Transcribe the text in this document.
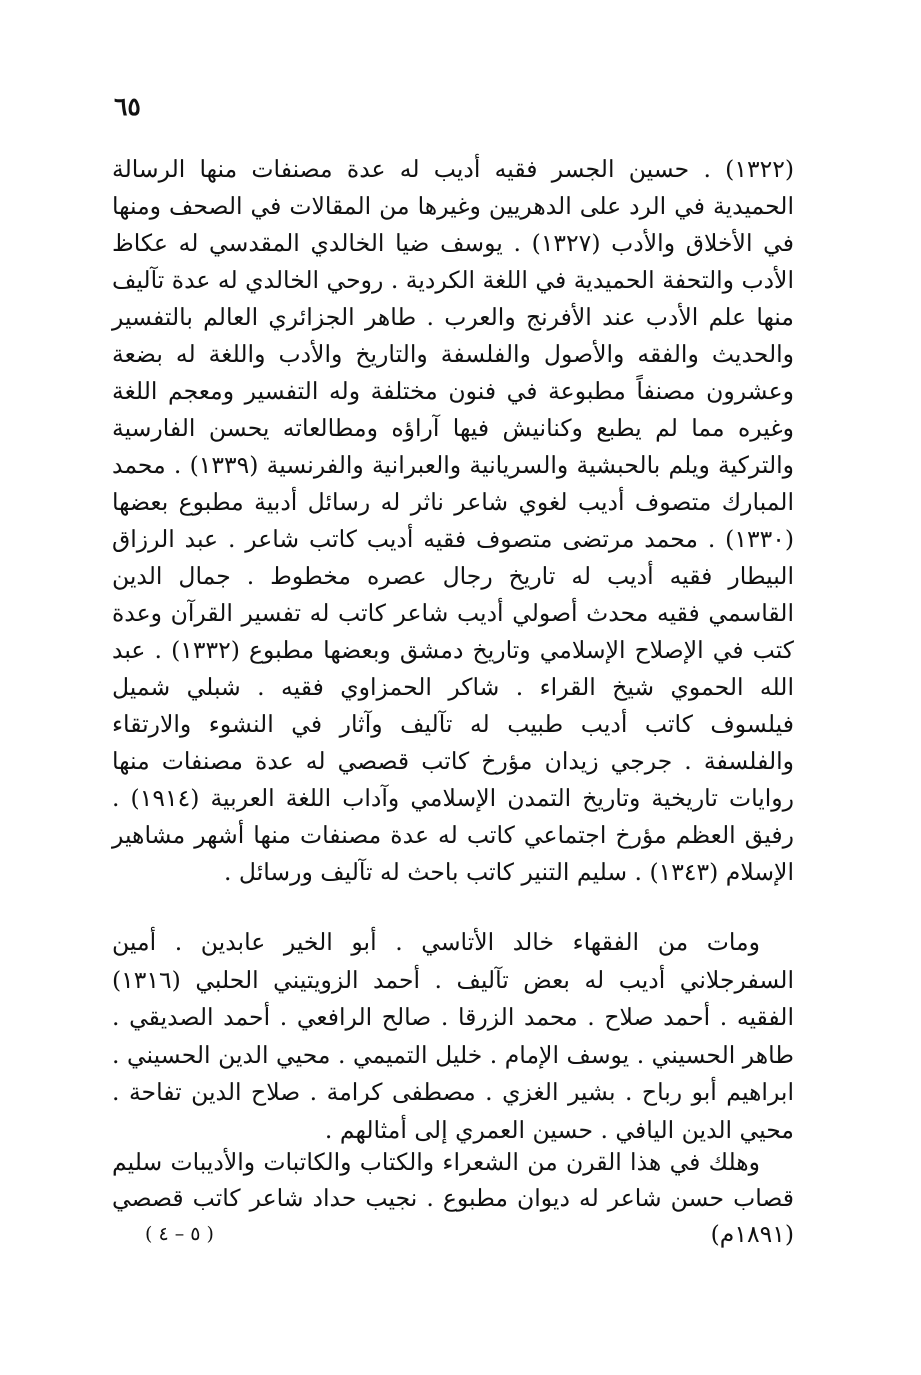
٦٥

(١٣٢٢) . حسين الجسر فقيه أديب له عدة مصنفات منها الرسالة الحميدية في الرد على الدهريين وغيرها من المقالات في الصحف ومنها في الأخلاق والأدب (١٣٢٧) . يوسف ضيا الخالدي المقدسي له عكاظ الأدب والتحفة الحميدية في اللغة الكردية . روحي الخالدي له عدة تآليف منها علم الأدب عند الأفرنج والعرب . طاهر الجزائري العالم بالتفسير والحديث والفقه والأصول والفلسفة والتاريخ والأدب واللغة له بضعة وعشرون مصنفاً مطبوعة في فنون مختلفة وله التفسير ومعجم اللغة وغيره مما لم يطبع وكنانيش فيها آراؤه ومطالعاته يحسن الفارسية والتركية ويلم بالحبشية والسريانية والعبرانية والفرنسية (١٣٣٩) . محمد المبارك متصوف أديب لغوي شاعر ناثر له رسائل أدبية مطبوع بعضها (١٣٣٠) . محمد مرتضى متصوف فقيه أديب كاتب شاعر . عبد الرزاق البيطار فقيه أديب له تاريخ رجال عصره مخطوط . جمال الدين القاسمي فقيه محدث أصولي أديب شاعر كاتب له تفسير القرآن وعدة كتب في الإصلاح الإسلامي وتاريخ دمشق وبعضها مطبوع (١٣٣٢) . عبد الله الحموي شيخ القراء . شاكر الحمزاوي فقيه . شبلي شميل فيلسوف كاتب أديب طبيب له تآليف وآثار في النشوء والارتقاء والفلسفة . جرجي زيدان مؤرخ كاتب قصصي له عدة مصنفات منها روايات تاريخية وتاريخ التمدن الإسلامي وآداب اللغة العربية (١٩١٤) . رفيق العظم مؤرخ اجتماعي كاتب له عدة مصنفات منها أشهر مشاهير الإسلام (١٣٤٣) . سليم التنير كاتب باحث له تآليف ورسائل .

ومات من الفقهاء خالد الأتاسي . أبو الخير عابدين . أمين السفرجلاني أديب له بعض تآليف . أحمد الزويتيني الحلبي (١٣١٦) الفقيه . أحمد صلاح . محمد الزرقا . صالح الرافعي . أحمد الصديقي . طاهر الحسيني . يوسف الإمام . خليل التميمي . محيي الدين الحسيني . ابراهيم أبو رباح . بشير الغزي . مصطفى كرامة . صلاح الدين تفاحة . محيي الدين اليافي . حسين العمري إلى أمثالهم .

وهلك في هذا القرن من الشعراء والكتاب والكاتبات والأديبات سليم قصاب حسن شاعر له ديوان مطبوع . نجيب حداد شاعر كاتب قصصي (١٨٩١م)

( ٥ – ٤ )
